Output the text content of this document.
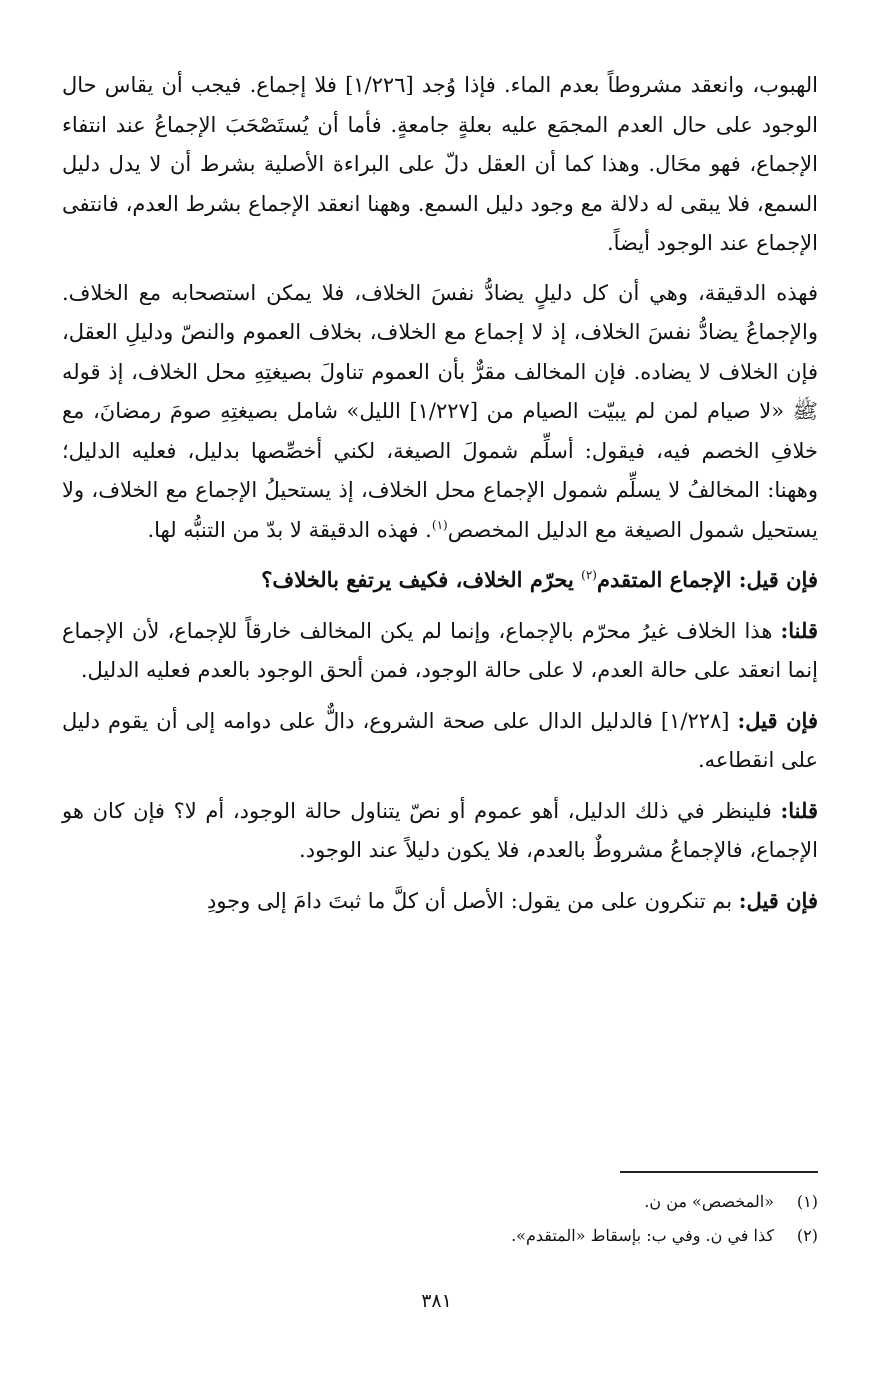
الهبوب، وانعقد مشروطاً بعدم الماء. فإذا وُجد [١/٢٢٦] فلا إجماع. فيجب أن يقاس حال الوجود على حال العدم المجمَع عليه بعلةٍ جامعةٍ. فأما أن يُستَصْحَبَ الإجماعُ عند انتفاء الإجماع، فهو محَال. وهذا كما أن العقل دلّ على البراءة الأصلية بشرط أن لا يدل دليل السمع، فلا يبقى له دلالة مع وجود دليل السمع. وههنا انعقد الإجماع بشرط العدم، فانتفى الإجماع عند الوجود أيضاً.

فهذه الدقيقة، وهي أن كل دليلٍ يضادُّ نفسَ الخلاف، فلا يمكن استصحابه مع الخلاف. والإجماعُ يضادُّ نفسَ الخلاف، إذ لا إجماع مع الخلاف، بخلاف العموم والنصّ ودليلِ العقل، فإن الخلاف لا يضاده. فإن المخالف مقرٌّ بأن العموم تناولَ بصيغتِهِ محل الخلاف، إذ قوله ﷺ «لا صيام لمن لم يبيّت الصيام من [١/٢٢٧] الليل» شامل بصيغتِهِ صومَ رمضانَ، مع خلافِ الخصم فيه، فيقول: أسلِّم شمولَ الصيغة، لكني أخصِّصها بدليل، فعليه الدليل؛ وههنا: المخالفُ لا يسلِّم شمول الإجماع محل الخلاف، إذ يستحيلُ الإجماع مع الخلاف، ولا يستحيل شمول الصيغة مع الدليل المخصص$^{(١)}$. فهذه الدقيقة لا بدّ من التنبُّه لها.

فإن قيل: الإجماع المتقدم$^{(٢)}$ يحرّم الخلاف، فكيف يرتفع بالخلاف؟

قلنا: هذا الخلاف غيرُ محرّم بالإجماع، وإنما لم يكن المخالف خارقاً للإجماع، لأن الإجماع إنما انعقد على حالة العدم، لا على حالة الوجود، فمن ألحق الوجود بالعدم فعليه الدليل.

فإن قيل: [١/٢٢٨] فالدليل الدال على صحة الشروع، دالٌّ على دوامه إلى أن يقوم دليل على انقطاعه.

قلنا: فلينظر في ذلك الدليل، أهو عموم أو نصّ يتناول حالة الوجود، أم لا؟ فإن كان هو الإجماع، فالإجماعُ مشروطٌ بالعدم، فلا يكون دليلاً عند الوجود.

فإن قيل: بم تنكرون على من يقول: الأصل أن كلَّ ما ثبتَ دامَ إلى وجودِ

(١)«المخصص» من ن.
(٢)كذا في ن. وفي ب: بإسقاط «المتقدم».
٣٨١
